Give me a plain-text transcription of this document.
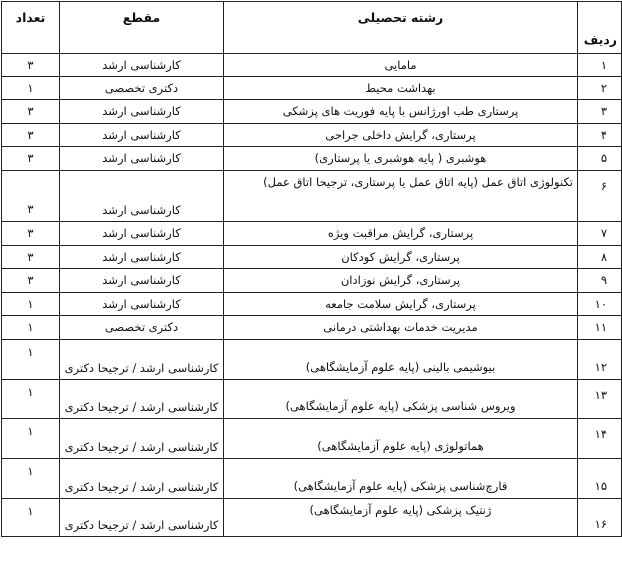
ردیف	رشته تحصیلی	مقطع	تعداد
۱	مامایی	کارشناسی ارشد	۳
۲	بهداشت محیط	دکتری تخصصی	۱
۳	پرستاری طب اورژانس با پایه فوریت های پزشکی	کارشناسی ارشد	۳
۴	پرستاری، گرایش داخلی جراحی	کارشناسی ارشد	۳
۵	هوشبری ( پایه هوشبری یا پرستاری)	کارشناسی ارشد	۳
۶	تکنولوژی اتاق عمل (پایه اتاق عمل یا پرستاری، ترجیحا اتاق عمل)	کارشناسی ارشد	۳
۷	پرستاری، گرایش مراقبت ویژه	کارشناسی ارشد	۳
۸	پرستاری، گرایش کودکان	کارشناسی ارشد	۳
۹	پرستاری، گرایش نوزادان	کارشناسی ارشد	۳
۱۰	پرستاری، گرایش سلامت جامعه	کارشناسی ارشد	۱
۱۱	مدیریت خدمات بهداشتی درمانی	دکتری تخصصی	۱
۱۲	بیوشیمی بالینی (پایه علوم آزمایشگاهی)	کارشناسی ارشد / ترجیحا دکتری	۱
۱۳	ویروس شناسی پزشکی (پایه علوم آزمایشگاهی)	کارشناسی ارشد / ترجیحا دکتری	۱
۱۴	هماتولوژی (پایه علوم آزمایشگاهی)	کارشناسی ارشد / ترجیحا دکتری	۱
۱۵	قارچ‌شناسی پزشکی (پایه علوم آزمایشگاهی)	کارشناسی ارشد / ترجیحا دکتری	۱
۱۶	ژنتیک پزشکی (پایه علوم آزمایشگاهی)	کارشناسی ارشد / ترجیحا دکتری	۱
